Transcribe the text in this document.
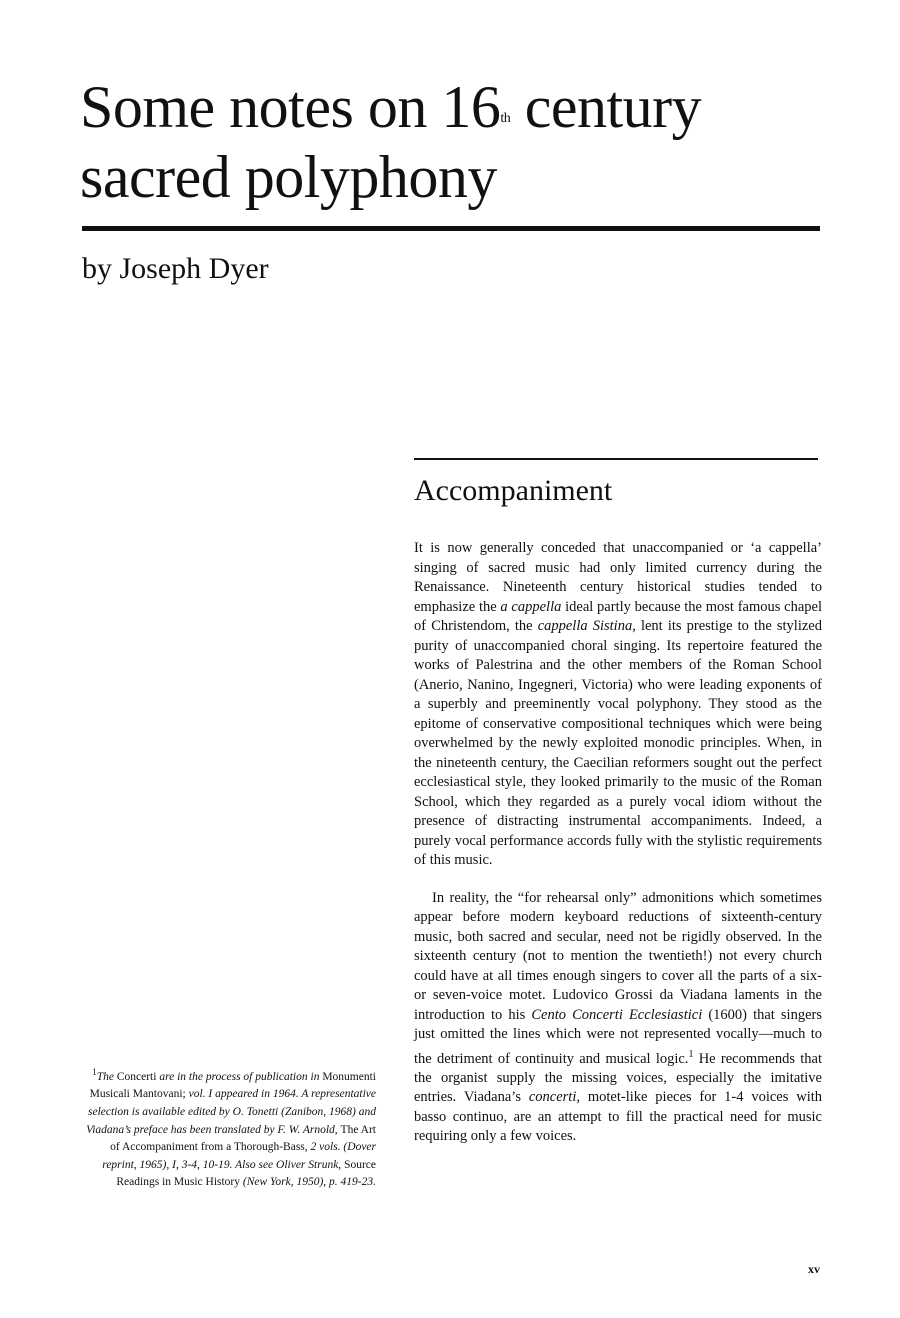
Some notes on 16th century sacred polyphony
by Joseph Dyer
Accompaniment

It is now generally conceded that unaccompanied or ‘a cappella’ singing of sacred music had only limited currency during the Renaissance. Nineteenth century historical studies tended to emphasize the a cappella ideal partly because the most famous chapel of Christendom, the cappella Sistina, lent its prestige to the stylized purity of unaccompanied choral singing. Its repertoire featured the works of Palestrina and the other members of the Roman School (Anerio, Nanino, Ingegneri, Victoria) who were leading exponents of a superbly and preeminently vocal polyphony. They stood as the epitome of conservative compositional techniques which were being overwhelmed by the newly exploited monodic principles. When, in the nineteenth century, the Caecilian reformers sought out the perfect ecclesiastical style, they looked primarily to the music of the Roman School, which they regarded as a purely vocal idiom without the presence of distracting instrumental accompaniments. Indeed, a purely vocal performance accords fully with the stylistic requirements of this music.

In reality, the “for rehearsal only” admonitions which sometimes appear before modern keyboard reductions of sixteenth-century music, both sacred and secular, need not be rigidly observed. In the sixteenth century (not to mention the twentieth!) not every church could have at all times enough singers to cover all the parts of a six- or seven-voice motet. Ludovico Grossi da Viadana laments in the introduction to his Cento Concerti Ecclesiastici (1600) that singers just omitted the lines which were not represented vocally—much to the detriment of continuity and musical logic.$^1$ He recommends that the organist supply the missing voices, especially the imitative entries. Viadana’s concerti, motet-like pieces for 1-4 voices with basso continuo, are an attempt to fill the practical need for music requiring only a few voices.

$^1$The Concerti are in the process of publication in Monumenti Musicali Mantovani; vol. I appeared in 1964. A representative selection is available edited by O. Tonetti (Zanibon, 1968) and Viadana’s preface has been translated by F. W. Arnold, The Art of Accompaniment from a Thorough-Bass, 2 vols. (Dover reprint, 1965), I, 3-4, 10-19. Also see Oliver Strunk, Source Readings in Music History (New York, 1950), p. 419-23.
xv
